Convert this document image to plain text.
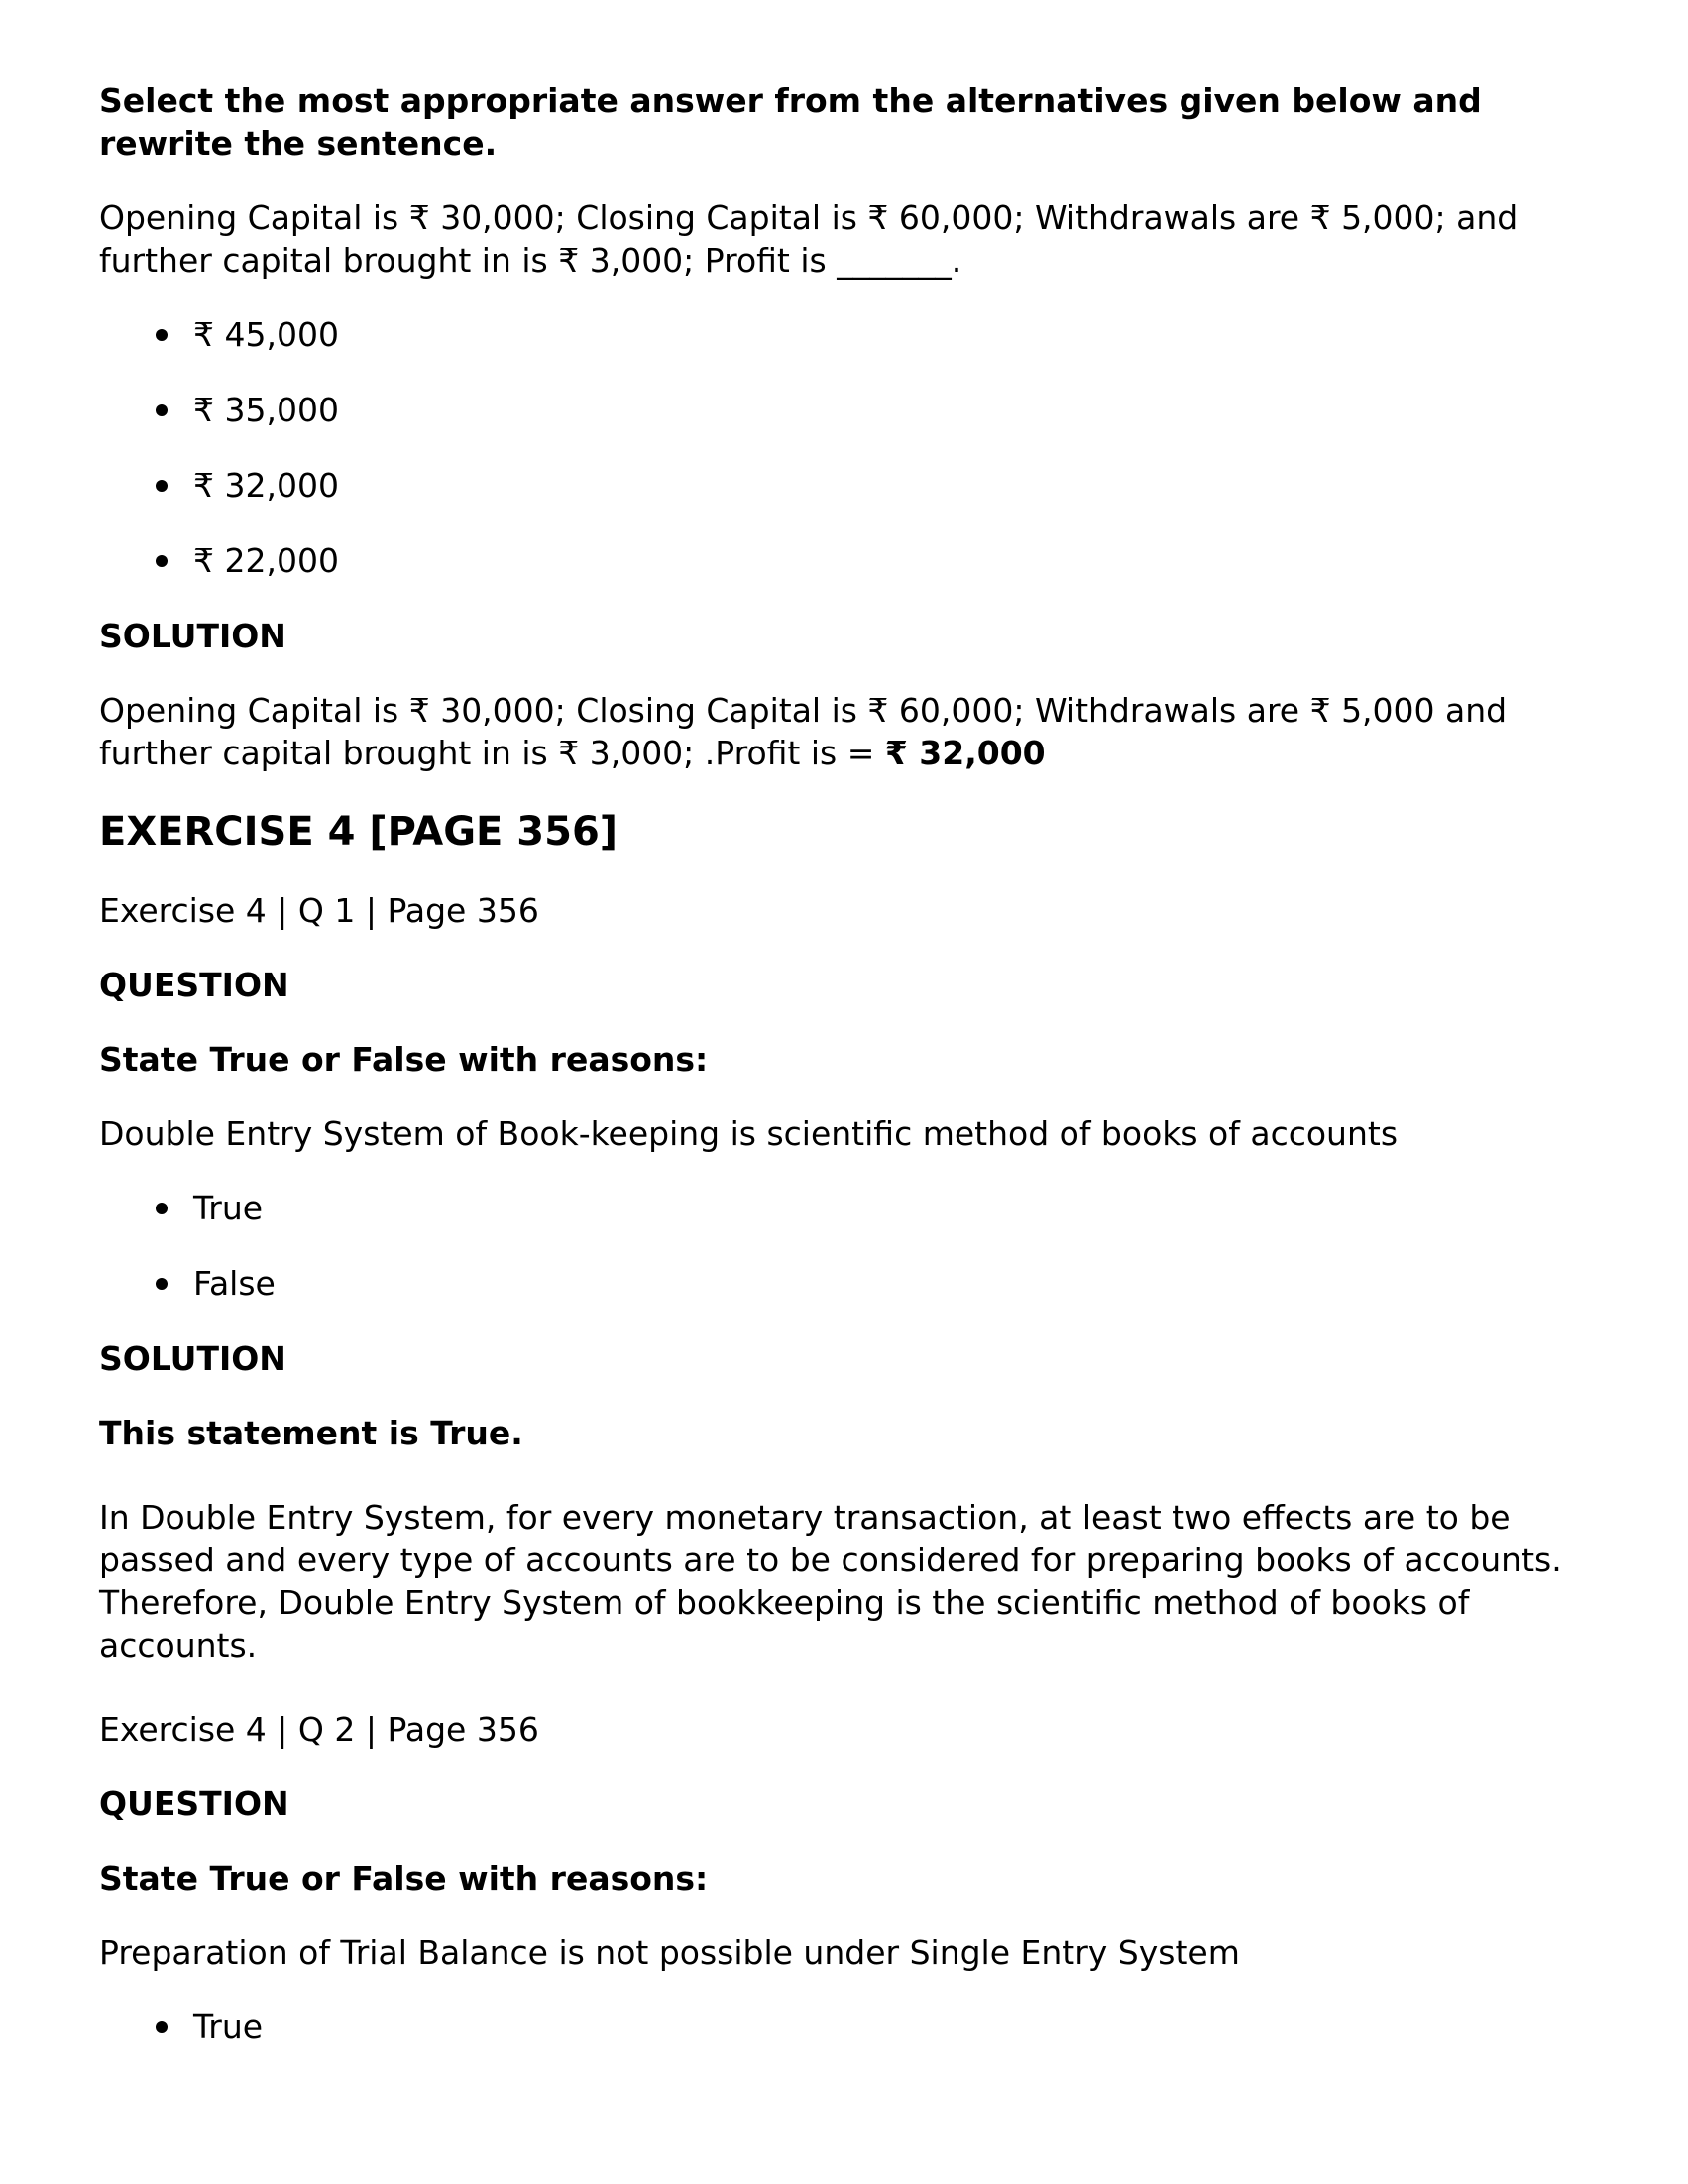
Select the most appropriate answer from the alternatives given below and rewrite the sentence.
Opening Capital is ₹ 30,000; Closing Capital is ₹ 60,000; Withdrawals are ₹ 5,000; and further capital brought in is ₹ 3,000; Profit is _______.
₹ 45,000
₹ 35,000
₹ 32,000
₹ 22,000
SOLUTION
Opening Capital is ₹ 30,000; Closing Capital is ₹ 60,000; Withdrawals are ₹ 5,000 and further capital brought in is ₹ 3,000; .Profit is = ₹ 32,000
EXERCISE 4 [PAGE 356]
Exercise 4 | Q 1 | Page 356
QUESTION
State True or False with reasons:
Double Entry System of Book-keeping is scientific method of books of accounts
True
False
SOLUTION
This statement is True.
In Double Entry System, for every monetary transaction, at least two effects are to be passed and every type of accounts are to be considered for preparing books of accounts. Therefore, Double Entry System of bookkeeping is the scientific method of books of accounts.
Exercise 4 | Q 2 | Page 356
QUESTION
State True or False with reasons:
Preparation of Trial Balance is not possible under Single Entry System
True
